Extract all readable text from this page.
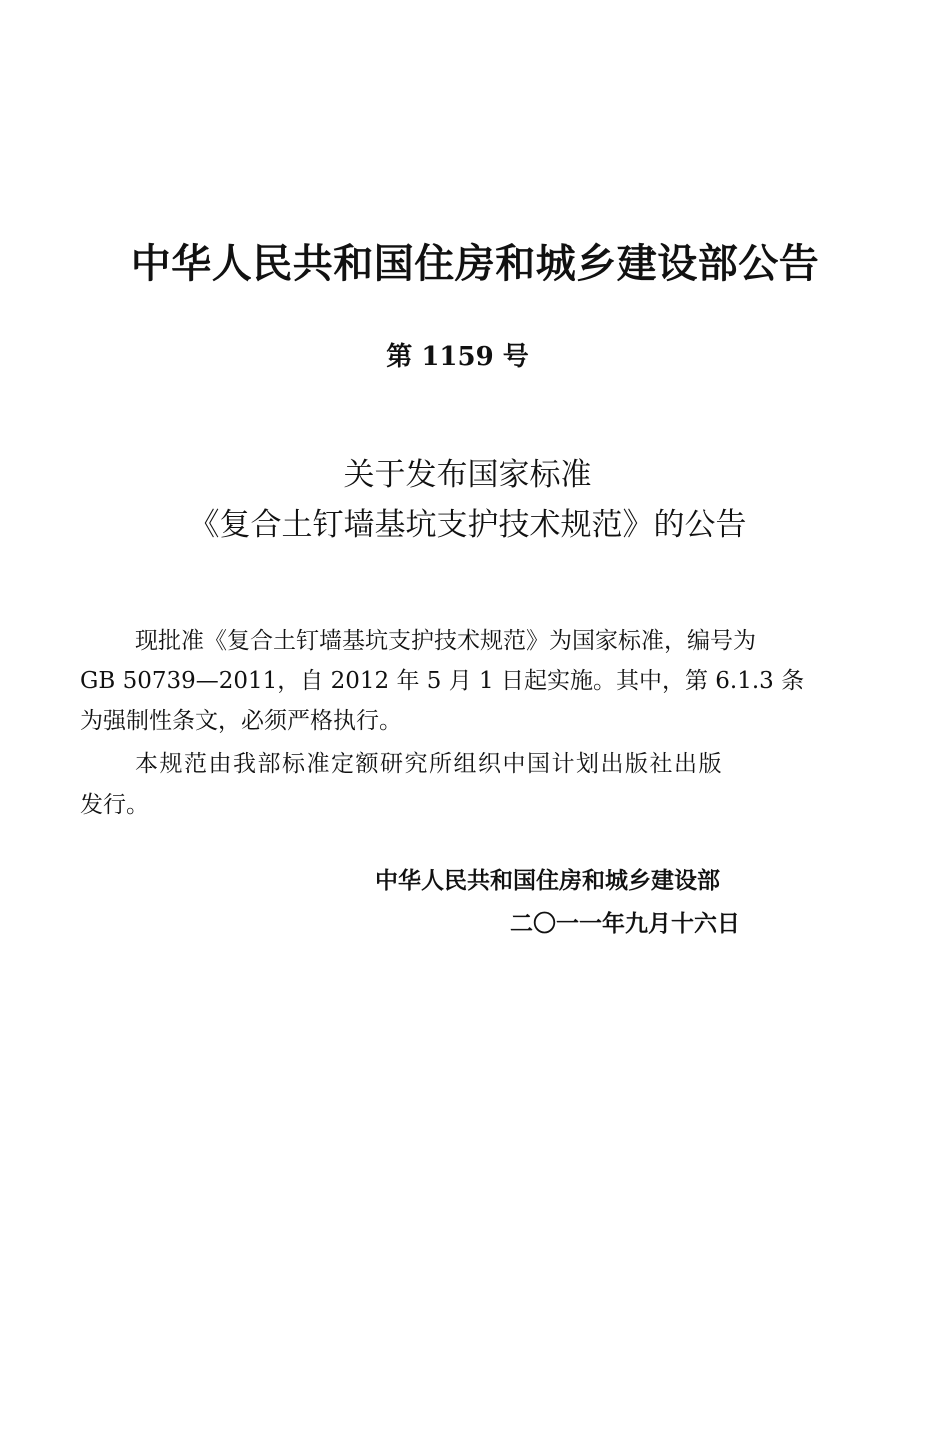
中华人民共和国住房和城乡建设部公告
第 1159 号
关于发布国家标准
《复合土钉墙基坑支护技术规范》的公告
现批准《复合土钉墙基坑支护技术规范》为国家标准，编号为
GB 50739—2011，自 2012 年 5 月 1 日起实施。其中，第 6.1.3 条
为强制性条文，必须严格执行。
本规范由我部标准定额研究所组织中国计划出版社出版
发行。
中华人民共和国住房和城乡建设部
二〇一一年九月十六日
